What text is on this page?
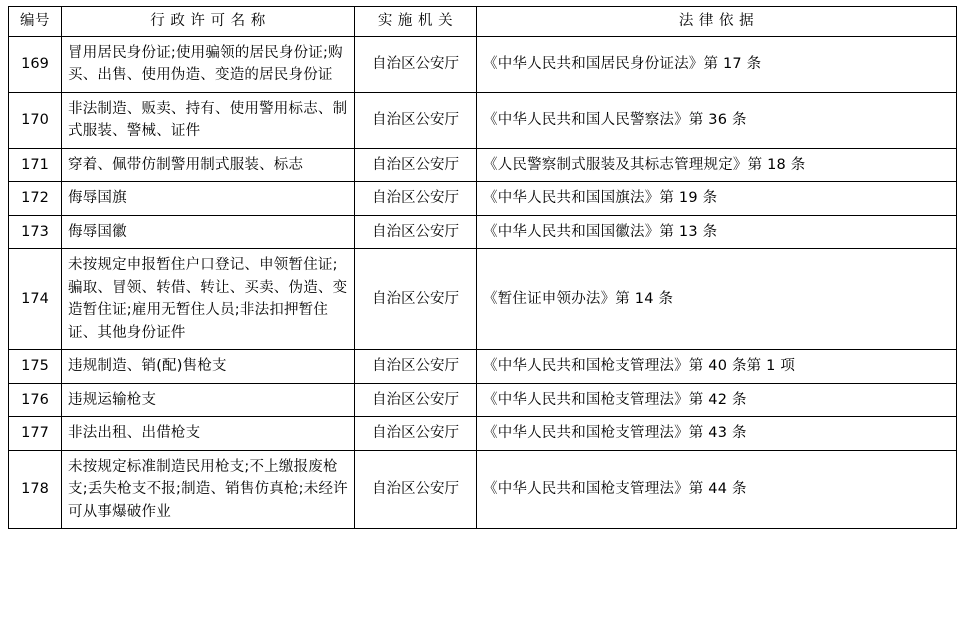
编号	行 政 许 可 名 称	实 施 机 关	法 律 依 据
169	冒用居民身份证;使用骗领的居民身份证;购买、出售、使用伪造、变造的居民身份证	自治区公安厅	《中华人民共和国居民身份证法》第 17 条
170	非法制造、贩卖、持有、使用警用标志、制式服装、警械、证件	自治区公安厅	《中华人民共和国人民警察法》第 36 条
171	穿着、佩带仿制警用制式服装、标志	自治区公安厅	《人民警察制式服装及其标志管理规定》第 18 条
172	侮辱国旗	自治区公安厅	《中华人民共和国国旗法》第 19 条
173	侮辱国徽	自治区公安厅	《中华人民共和国国徽法》第 13 条
174	未按规定申报暂住户口登记、申领暂住证;骗取、冒领、转借、转让、买卖、伪造、变造暂住证;雇用无暂住人员;非法扣押暂住证、其他身份证件	自治区公安厅	《暂住证申领办法》第 14 条
175	违规制造、销(配)售枪支	自治区公安厅	《中华人民共和国枪支管理法》第 40 条第 1 项
176	违规运输枪支	自治区公安厅	《中华人民共和国枪支管理法》第 42 条
177	非法出租、出借枪支	自治区公安厅	《中华人民共和国枪支管理法》第 43 条
178	未按规定标准制造民用枪支;不上缴报废枪支;丢失枪支不报;制造、销售仿真枪;未经许可从事爆破作业	自治区公安厅	《中华人民共和国枪支管理法》第 44 条
